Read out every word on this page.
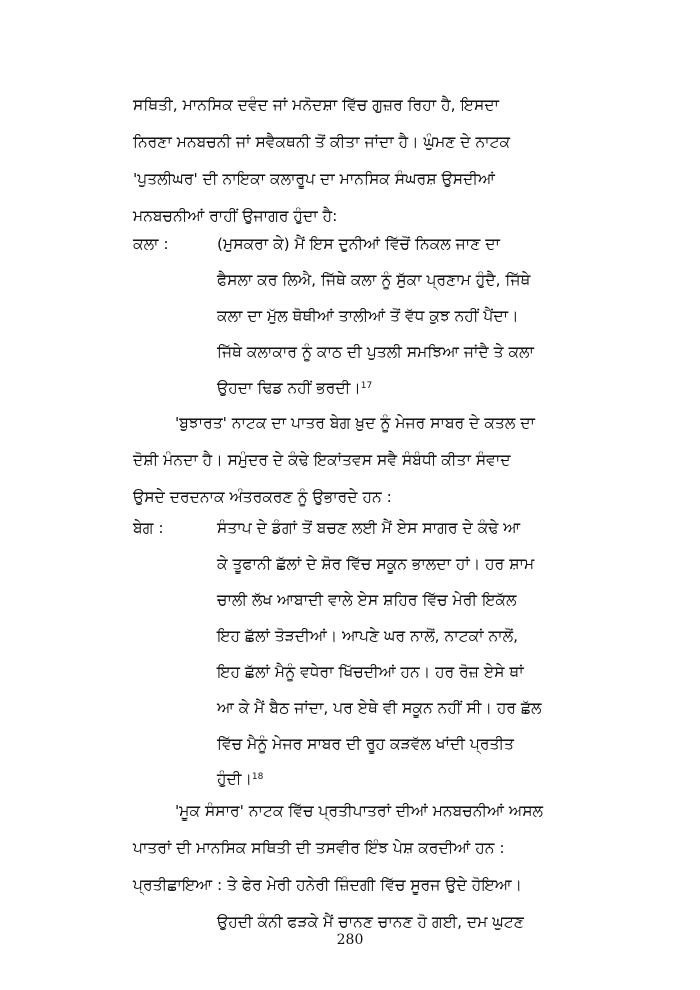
ਸਥਿਤੀ, ਮਾਨਸਿਕ ਦਵੰਦ ਜਾਂ ਮਨੋਦਸ਼ਾ ਵਿੱਚ ਗੁਜ਼ਰ ਰਿਹਾ ਹੈ, ਇਸਦਾ
ਨਿਰਣਾ ਮਨਬਚਨੀ ਜਾਂ ਸਵੈਕਥਨੀ ਤੋਂ ਕੀਤਾ ਜਾਂਦਾ ਹੈ। ਘੁੰਮਣ ਦੇ ਨਾਟਕ
'ਪੁਤਲੀਘਰ' ਦੀ ਨਾਇਕਾ ਕਲਾਰੂਪ ਦਾ ਮਾਨਸਿਕ ਸੰਘਰਸ਼ ਉਸਦੀਆਂ
ਮਨਬਚਨੀਆਂ ਰਾਹੀਂ ਉਜਾਗਰ ਹੁੰਦਾ ਹੈ:
ਕਲਾ :	(ਮੁਸਕਰਾ ਕੇ) ਮੈਂ ਇਸ ਦੁਨੀਆਂ ਵਿੱਚੋਂ ਨਿਕਲ ਜਾਣ ਦਾ
ਫੈਸਲਾ ਕਰ ਲਿਐ, ਜਿੱਥੇ ਕਲਾ ਨੂੰ ਸੁੱਕਾ ਪ੍ਰਣਾਮ ਹੁੰਦੈ, ਜਿੱਥੇ
ਕਲਾ ਦਾ ਮੁੱਲ ਥੋਥੀਆਂ ਤਾਲੀਆਂ ਤੋਂ ਵੱਧ ਕੁਝ ਨਹੀਂ ਪੈਂਦਾ।
ਜਿੱਥੇ ਕਲਾਕਾਰ ਨੂੰ ਕਾਠ ਦੀ ਪੁਤਲੀ ਸਮਝਿਆ ਜਾਂਦੈ ਤੇ ਕਲਾ
ਉਹਦਾ ਢਿਡ ਨਹੀਂ ਭਰਦੀ।$^{17}$
'ਬੁਝਾਰਤ' ਨਾਟਕ ਦਾ ਪਾਤਰ ਬੇਗ ਖ਼ੁਦ ਨੂੰ ਮੇਜਰ ਸਾਬਰ ਦੇ ਕਤਲ ਦਾ
ਦੋਸ਼ੀ ਮੰਨਦਾ ਹੈ। ਸਮੁੰਦਰ ਦੇ ਕੰਢੇ ਇਕਾਂਤਵਸ ਸਵੈ ਸੰਬੰਧੀ ਕੀਤਾ ਸੰਵਾਦ
ਉਸਦੇ ਦਰਦਨਾਕ ਅੰਤਰਕਰਣ ਨੂੰ ਉਭਾਰਦੇ ਹਨ :
ਬੇਗ :	ਸੰਤਾਪ ਦੇ ਡੰਗਾਂ ਤੋਂ ਬਚਣ ਲਈ ਮੈਂ ਏਸ ਸਾਗਰ ਦੇ ਕੰਢੇ ਆ
ਕੇ ਤੂਫਾਨੀ ਛੱਲਾਂ ਦੇ ਸ਼ੋਰ ਵਿੱਚ ਸਕੂਨ ਭਾਲਦਾ ਹਾਂ। ਹਰ ਸ਼ਾਮ
ਚਾਲੀ ਲੱਖ ਆਬਾਦੀ ਵਾਲੇ ਏਸ ਸ਼ਹਿਰ ਵਿੱਚ ਮੇਰੀ ਇਕੱਲ
ਇਹ ਛੱਲਾਂ ਤੋੜਦੀਆਂ। ਆਪਣੇ ਘਰ ਨਾਲੋਂ, ਨਾਟਕਾਂ ਨਾਲੋਂ,
ਇਹ ਛੱਲਾਂ ਮੈਨੂੰ ਵਧੇਰਾ ਖਿੱਚਦੀਆਂ ਹਨ। ਹਰ ਰੋਜ਼ ਏਸੇ ਥਾਂ
ਆ ਕੇ ਮੈਂ ਬੈਠ ਜਾਂਦਾ, ਪਰ ਏਥੇ ਵੀ ਸਕੂਨ ਨਹੀਂ ਸੀ। ਹਰ ਛੱਲ
ਵਿੱਚ ਮੈਨੂੰ ਮੇਜਰ ਸਾਬਰ ਦੀ ਰੂਹ ਕੜਵੱਲ ਖਾਂਦੀ ਪ੍ਰਤੀਤ
ਹੁੰਦੀ।$^{18}$
'ਮੂਕ ਸੰਸਾਰ' ਨਾਟਕ ਵਿੱਚ ਪ੍ਰਤੀਪਾਤਰਾਂ ਦੀਆਂ ਮਨਬਚਨੀਆਂ ਅਸਲ
ਪਾਤਰਾਂ ਦੀ ਮਾਨਸਿਕ ਸਥਿਤੀ ਦੀ ਤਸਵੀਰ ਇੰਝ ਪੇਸ਼ ਕਰਦੀਆਂ ਹਨ :
ਪ੍ਰਤੀਛਾਇਆ : ਤੇ ਫੇਰ ਮੇਰੀ ਹਨੇਰੀ ਜ਼ਿੰਦਗੀ ਵਿੱਚ ਸੂਰਜ ਉਦੇ ਹੋਇਆ।
ਉਹਦੀ ਕੰਨੀ ਫੜਕੇ ਮੈਂ ਚਾਨਣ ਚਾਨਣ ਹੋ ਗਈ, ਦਮ ਘੁਟਣ
280
